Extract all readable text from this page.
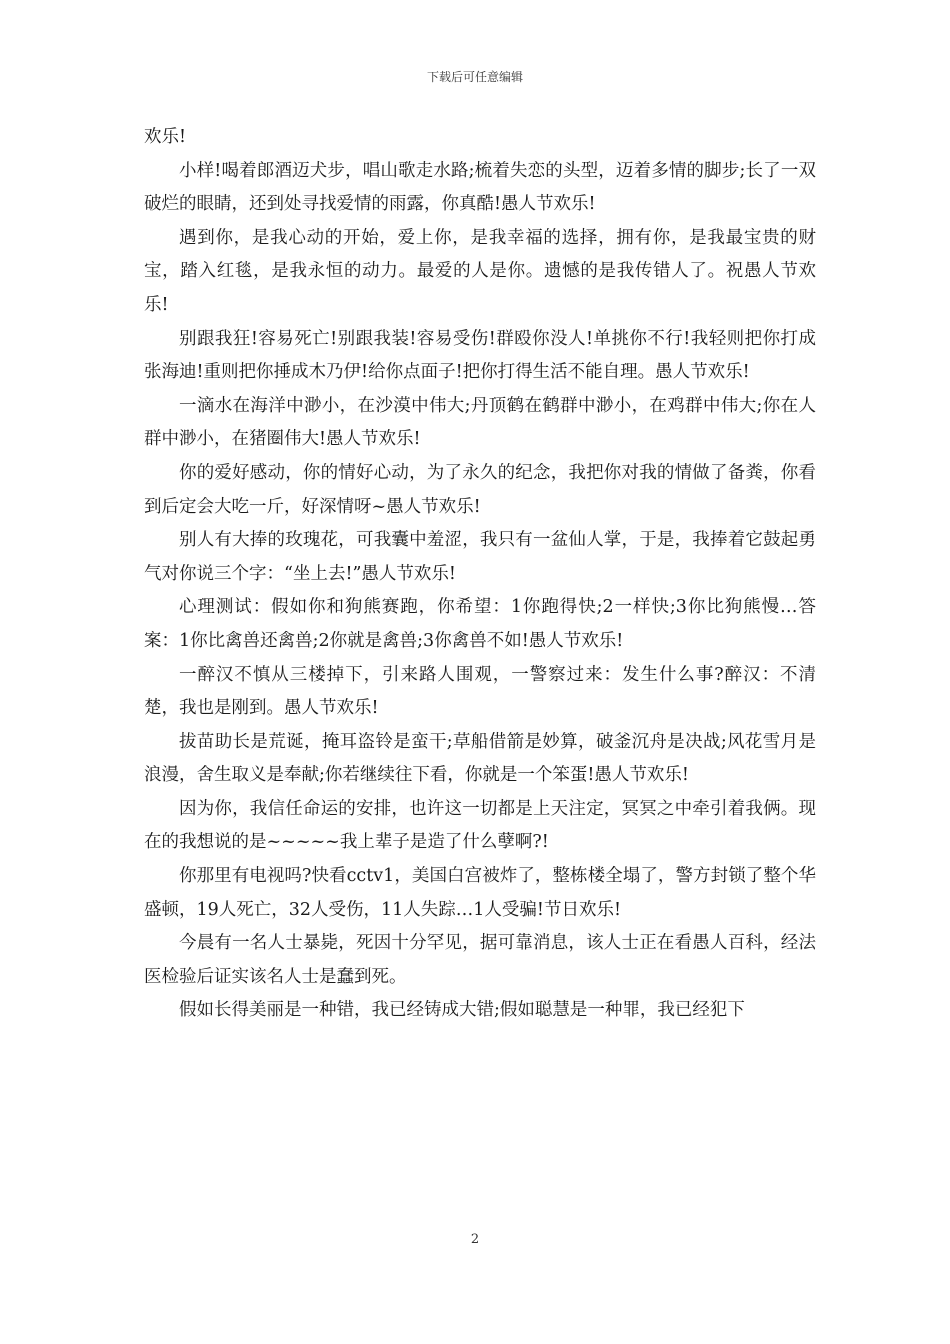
下载后可任意编辑

欢乐!

小样!喝着郎酒迈犬步，唱山歌走水路;梳着失恋的头型，迈着多情的脚步;长了一双破烂的眼睛，还到处寻找爱情的雨露，你真酷!愚人节欢乐!

遇到你，是我心动的开始，爱上你，是我幸福的选择，拥有你，是我最宝贵的财宝，踏入红毯，是我永恒的动力。最爱的人是你。遗憾的是我传错人了。祝愚人节欢乐!

别跟我狂!容易死亡!别跟我装!容易受伤!群殴你没人!单挑你不行!我轻则把你打成张海迪!重则把你捶成木乃伊!给你点面子!把你打得生活不能自理。愚人节欢乐!

一滴水在海洋中渺小，在沙漠中伟大;丹顶鹤在鹤群中渺小，在鸡群中伟大;你在人群中渺小，在猪圈伟大!愚人节欢乐!

你的爱好感动，你的情好心动，为了永久的纪念，我把你对我的情做了备粪，你看到后定会大吃一斤，好深情呀~愚人节欢乐!

别人有大捧的玫瑰花，可我囊中羞涩，我只有一盆仙人掌，于是，我捧着它鼓起勇气对你说三个字：“坐上去!”愚人节欢乐!

心理测试：假如你和狗熊赛跑，你希望：1你跑得快;2一样快;3你比狗熊慢…答案：1你比禽兽还禽兽;2你就是禽兽;3你禽兽不如!愚人节欢乐!

一醉汉不慎从三楼掉下，引来路人围观，一警察过来：发生什么事?醉汉：不清楚，我也是刚到。愚人节欢乐!

拔苗助长是荒诞，掩耳盗铃是蛮干;草船借箭是妙算，破釜沉舟是决战;风花雪月是浪漫，舍生取义是奉献;你若继续往下看，你就是一个笨蛋!愚人节欢乐!

因为你，我信任命运的安排，也许这一切都是上天注定，冥冥之中牵引着我俩。现在的我想说的是~~~~~我上辈子是造了什么孽啊?!

你那里有电视吗?快看cctv1，美国白宫被炸了，整栋楼全塌了，警方封锁了整个华盛顿，19人死亡，32人受伤，11人失踪…1人受骗!节日欢乐!

今晨有一名人士暴毙，死因十分罕见，据可靠消息，该人士正在看愚人百科，经法医检验后证实该名人士是蠢到死。

假如长得美丽是一种错，我已经铸成大错;假如聪慧是一种罪，我已经犯下

2
